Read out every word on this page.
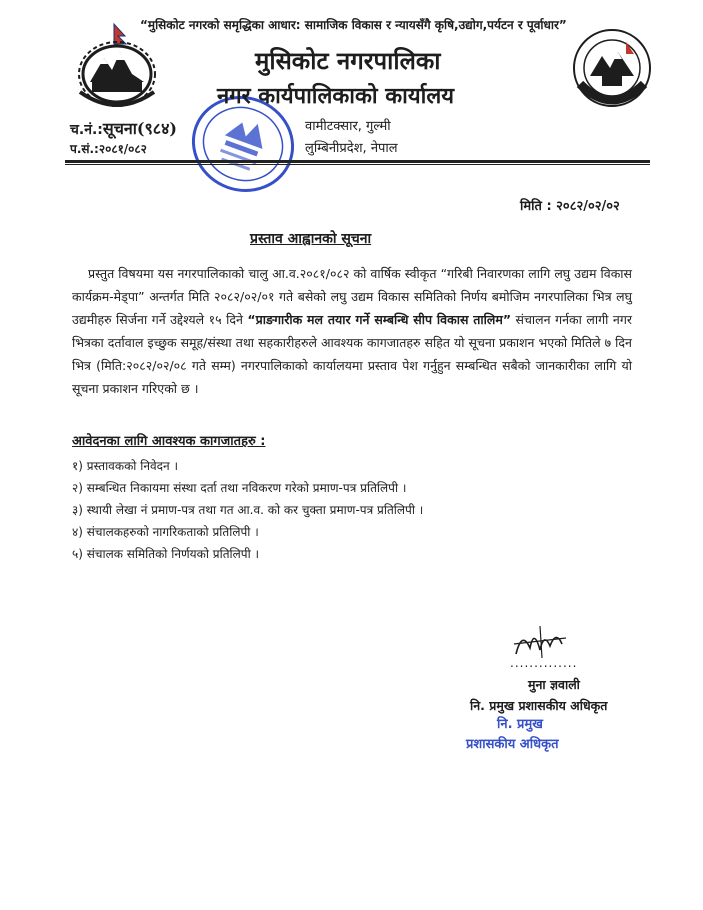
“मुसिकोट नगरको समृद्धिका आधार: सामाजिक विकास र न्यायसँगै कृषि,उद्योग,पर्यटन र पूर्वाधार”
मुसिकोट नगरपालिका
नगर कार्यपालिकाको कार्यालय
च.नं.:सूचना(९८४)
प.सं.:२०८१/०८२
वामीटक्सार, गुल्मी
लुम्बिनीप्रदेश, नेपाल
मिति : २०८२/०२/०२
प्रस्ताव आह्वानको सूचना

प्रस्तुत विषयमा यस नगरपालिकाको चालु आ.व.२०८१/०८२ को वार्षिक स्वीकृत “गरिबी निवारणका लागि लघु उद्यम विकास कार्यक्रम-मेड्पा” अन्तर्गत मिति २०८२/०२/०१ गते बसेको लघु उद्यम विकास समितिको निर्णय बमोजिम नगरपालिका भित्र लघु उद्यमीहरु सिर्जना गर्ने उद्देश्यले १५ दिने “प्राङगारीक मल तयार गर्ने सम्बन्धि सीप विकास तालिम” संचालन गर्नका लागी नगर भित्रका दर्तावाल इच्छुक समूह/संस्था तथा सहकारीहरुले आवश्यक कागजातहरु सहित यो सूचना प्रकाशन भएको मितिले ७ दिन भित्र (मिति:२०८२/०२/०८ गते सम्म) नगरपालिकाको कार्यालयमा प्रस्ताव पेश गर्नुहुन सम्बन्धित सबैको जानकारीका लागि यो सूचना प्रकाशन गरिएको छ ।

आवेदनका लागि आवश्यक कागजातहरु :
१) प्रस्तावकको निवेदन ।
२) सम्बन्धित निकायमा संस्था दर्ता तथा नविकरण गरेको प्रमाण-पत्र प्रतिलिपी ।
३) स्थायी लेखा नं प्रमाण-पत्र तथा गत आ.व. को कर चुक्ता प्रमाण-पत्र प्रतिलिपी ।
४) संचालकहरुको नागरिकताको प्रतिलिपी ।
५) संचालक समितिको निर्णयको प्रतिलिपी ।
..............
मुना ज्ञवाली
नि. प्रमुख प्रशासकीय अधिकृत
नि. प्रमुख
प्रशासकीय अधिकृत
